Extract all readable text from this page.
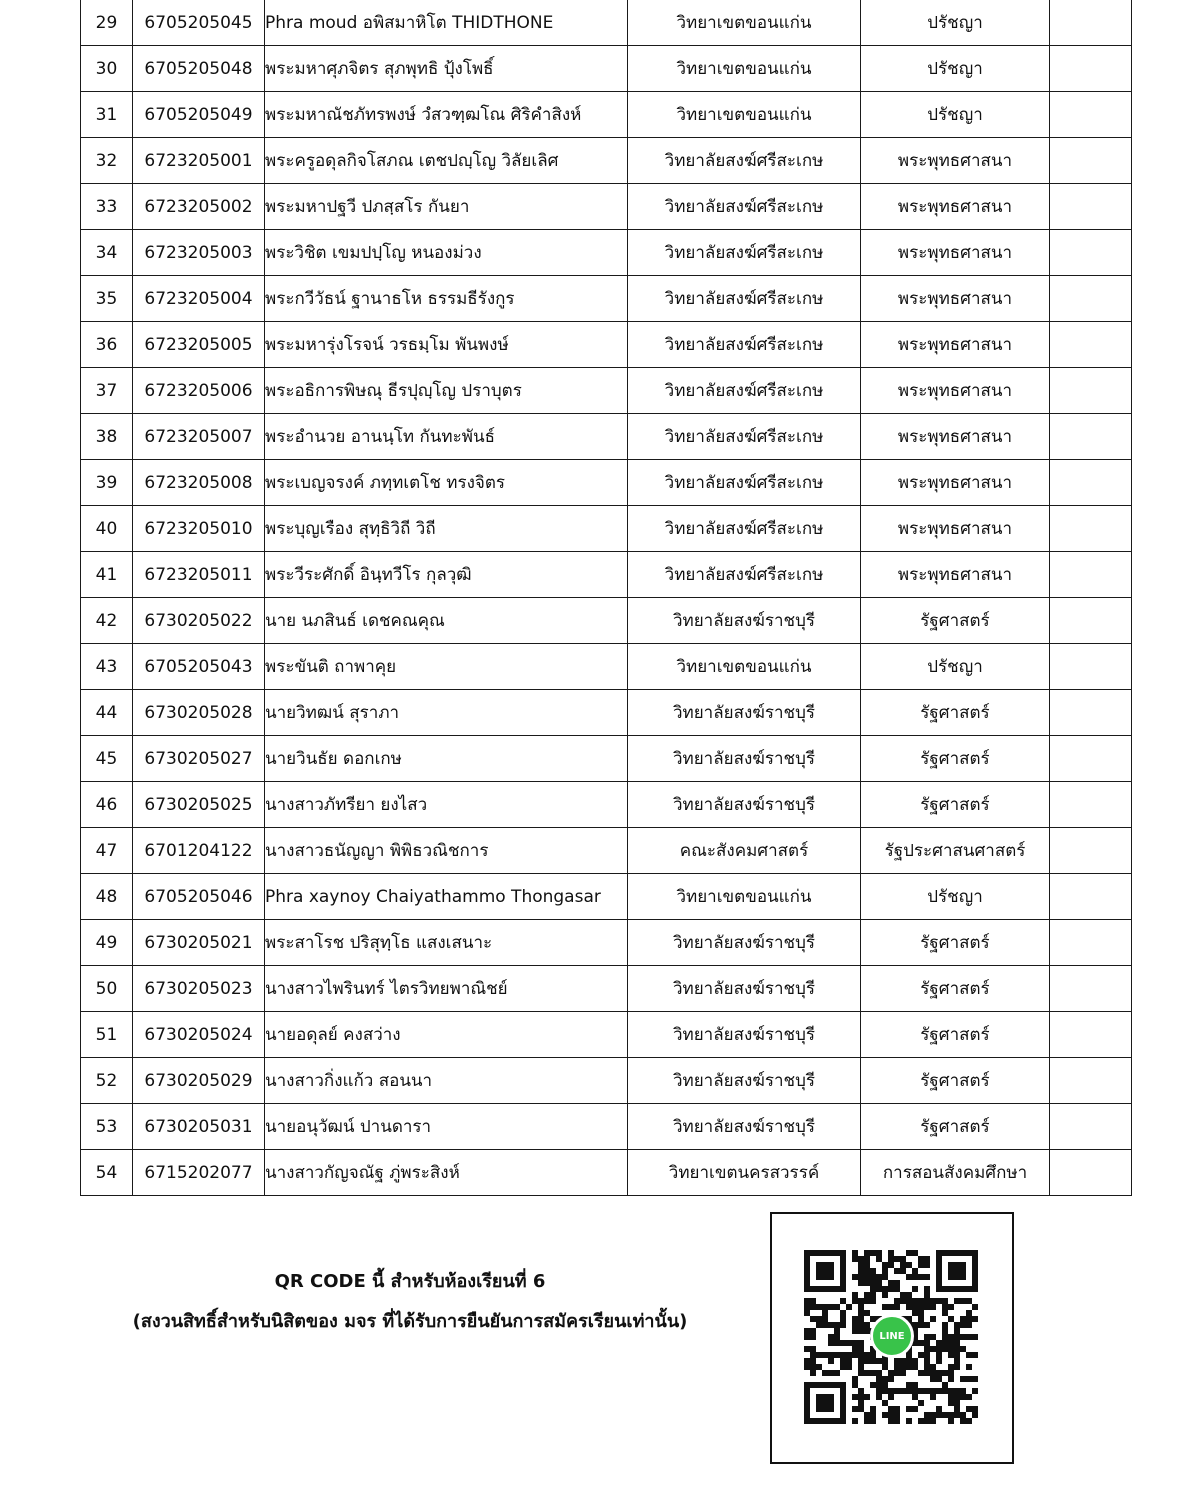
29	6705205045	Phra moud อพิสมาหิโต THIDTHONE	วิทยาเขตขอนแก่น	ปรัชญา	
30	6705205048	พระมหาศุภจิตร สุภพุทธิ ปุ้งโพธิ์	วิทยาเขตขอนแก่น	ปรัชญา	
31	6705205049	พระมหาณัชภัทรพงษ์ วํสวฑฺฒโณ ศิริคำสิงห์	วิทยาเขตขอนแก่น	ปรัชญา	
32	6723205001	พระครูอดุลกิจโสภณ เตชปญฺโญ วิลัยเลิศ	วิทยาลัยสงฆ์ศรีสะเกษ	พระพุทธศาสนา	
33	6723205002	พระมหาปฐวี ปภสฺสโร กันยา	วิทยาลัยสงฆ์ศรีสะเกษ	พระพุทธศาสนา	
34	6723205003	พระวิชิต เขมปปฺโญ หนองม่วง	วิทยาลัยสงฆ์ศรีสะเกษ	พระพุทธศาสนา	
35	6723205004	พระกวีวัธน์ ฐานาธโห ธรรมธีรังกูร	วิทยาลัยสงฆ์ศรีสะเกษ	พระพุทธศาสนา	
36	6723205005	พระมหารุ่งโรจน์ วรธมฺโม พันพงษ์	วิทยาลัยสงฆ์ศรีสะเกษ	พระพุทธศาสนา	
37	6723205006	พระอธิการพิษณุ ธีรปุญฺโญ ปราบุตร	วิทยาลัยสงฆ์ศรีสะเกษ	พระพุทธศาสนา	
38	6723205007	พระอำนวย อานนฺโท กันทะพันธ์	วิทยาลัยสงฆ์ศรีสะเกษ	พระพุทธศาสนา	
39	6723205008	พระเบญจรงค์ ภทฺทเตโช ทรงจิตร	วิทยาลัยสงฆ์ศรีสะเกษ	พระพุทธศาสนา	
40	6723205010	พระบุญเรือง สุทฺธิวิถี วิถี	วิทยาลัยสงฆ์ศรีสะเกษ	พระพุทธศาสนา	
41	6723205011	พระวีระศักดิ์ อินฺทวีโร กุลวุฒิ	วิทยาลัยสงฆ์ศรีสะเกษ	พระพุทธศาสนา	
42	6730205022	นาย นภสินธ์ เดชคณคุณ	วิทยาลัยสงฆ์ราชบุรี	รัฐศาสตร์	
43	6705205043	พระขันติ ถาพาคุย	วิทยาเขตขอนแก่น	ปรัชญา	
44	6730205028	นายวิทฒน์ สุราภา	วิทยาลัยสงฆ์ราชบุรี	รัฐศาสตร์	
45	6730205027	นายวินธัย ดอกเกษ	วิทยาลัยสงฆ์ราชบุรี	รัฐศาสตร์	
46	6730205025	นางสาวภัทรียา ยงไสว	วิทยาลัยสงฆ์ราชบุรี	รัฐศาสตร์	
47	6701204122	นางสาวธนัญญา พิพิธวณิชการ	คณะสังคมศาสตร์	รัฐประศาสนศาสตร์	
48	6705205046	Phra xaynoy Chaiyathammo Thongasar	วิทยาเขตขอนแก่น	ปรัชญา	
49	6730205021	พระสาโรช ปริสุทฺโธ แสงเสนาะ	วิทยาลัยสงฆ์ราชบุรี	รัฐศาสตร์	
50	6730205023	นางสาวไพรินทร์ ไตรวิทยพาณิชย์	วิทยาลัยสงฆ์ราชบุรี	รัฐศาสตร์	
51	6730205024	นายอดุลย์ คงสว่าง	วิทยาลัยสงฆ์ราชบุรี	รัฐศาสตร์	
52	6730205029	นางสาวกิ่งแก้ว สอนนา	วิทยาลัยสงฆ์ราชบุรี	รัฐศาสตร์	
53	6730205031	นายอนุวัฒน์ ปานดารา	วิทยาลัยสงฆ์ราชบุรี	รัฐศาสตร์	
54	6715202077	นางสาวกัญจณัฐ ภู่พระสิงห์	วิทยาเขตนครสวรรค์	การสอนสังคมศึกษา	
QR CODE นี้ สำหรับห้องเรียนที่ 6
(สงวนสิทธิ์สำหรับนิสิตของ มจร ที่ได้รับการยืนยันการสมัครเรียนเท่านั้น)
LINE
